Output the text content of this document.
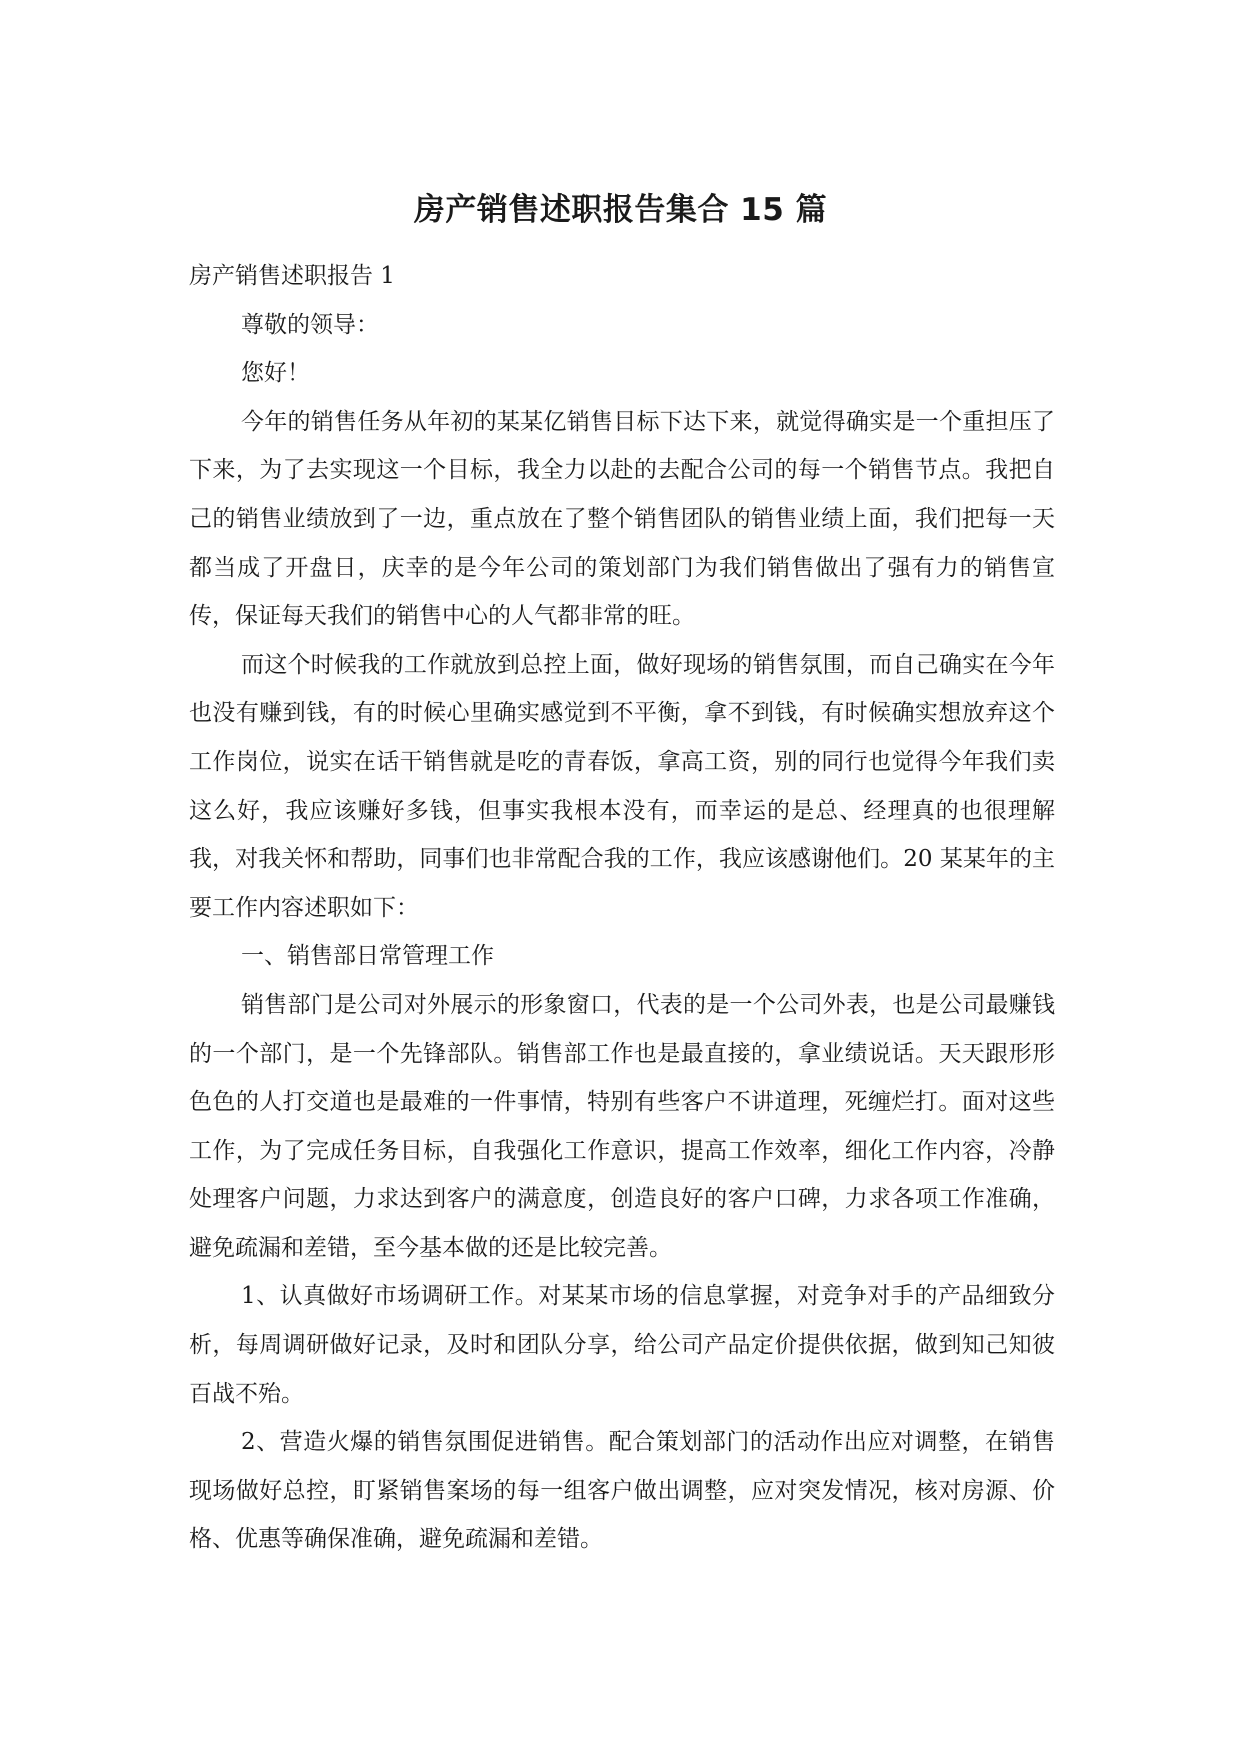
房产销售述职报告集合 15 篇

房产销售述职报告 1

尊敬的领导：

您好！

今年的销售任务从年初的某某亿销售目标下达下来，就觉得确实是一个重担压了下来，为了去实现这一个目标，我全力以赴的去配合公司的每一个销售节点。我把自己的销售业绩放到了一边，重点放在了整个销售团队的销售业绩上面，我们把每一天都当成了开盘日，庆幸的是今年公司的策划部门为我们销售做出了强有力的销售宣传，保证每天我们的销售中心的人气都非常的旺。

而这个时候我的工作就放到总控上面，做好现场的销售氛围，而自己确实在今年也没有赚到钱，有的时候心里确实感觉到不平衡，拿不到钱，有时候确实想放弃这个工作岗位，说实在话干销售就是吃的青春饭，拿高工资，别的同行也觉得今年我们卖这么好，我应该赚好多钱，但事实我根本没有，而幸运的是总、经理真的也很理解我，对我关怀和帮助，同事们也非常配合我的工作，我应该感谢他们。20 某某年的主要工作内容述职如下：

一、销售部日常管理工作

销售部门是公司对外展示的形象窗口，代表的是一个公司外表，也是公司最赚钱的一个部门，是一个先锋部队。销售部工作也是最直接的，拿业绩说话。天天跟形形色色的人打交道也是最难的一件事情，特别有些客户不讲道理，死缠烂打。面对这些工作，为了完成任务目标，自我强化工作意识，提高工作效率，细化工作内容，冷静处理客户问题，力求达到客户的满意度，创造良好的客户口碑，力求各项工作准确，避免疏漏和差错，至今基本做的还是比较完善。

1、认真做好市场调研工作。对某某市场的信息掌握，对竞争对手的产品细致分析，每周调研做好记录，及时和团队分享，给公司产品定价提供依据，做到知己知彼百战不殆。

2、营造火爆的销售氛围促进销售。配合策划部门的活动作出应对调整，在销售现场做好总控，盯紧销售案场的每一组客户做出调整，应对突发情况，核对房源、价格、优惠等确保准确，避免疏漏和差错。
